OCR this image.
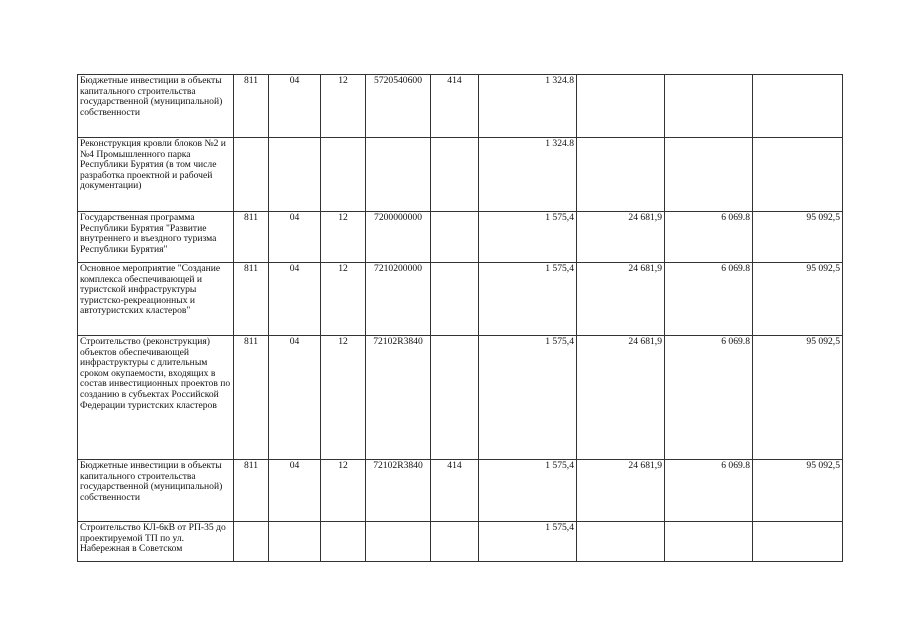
Бюджетные инвестиции в объекты капитального строительства государственной (муниципальной) собственности	811	04	12	5720540600	414	1 324.8			
Реконструкция кровли блоков №2 и №4 Промышленного парка Республики Бурятия (в том числе разработка проектной и рабочей документации)						1 324.8			
Государственная программа Республики Бурятия "Развитие внутреннего и въездного туризма Республики Бурятия"	811	04	12	7200000000		1 575,4	24 681,9	6 069.8	95 092,5
Основное мероприятие "Создание комплекса обеспечивающей и туристской инфраструктуры туристско-рекреационных и автотуристских кластеров"	811	04	12	7210200000		1 575,4	24 681,9	6 069.8	95 092,5
Строительство (реконструкция) объектов обеспечивающей инфраструктуры с длительным сроком окупаемости, входящих в состав инвестиционных проектов по созданию в субъектах Российской Федерации туристских кластеров	811	04	12	72102R3840		1 575,4	24 681,9	6 069.8	95 092,5
Бюджетные инвестиции в объекты капитального строительства государственной (муниципальной) собственности	811	04	12	72102R3840	414	1 575,4	24 681,9	6 069.8	95 092,5
Строительство КЛ-6кВ от РП-35 до проектируемой ТП по ул. Набережная в Советском						1 575,4			
